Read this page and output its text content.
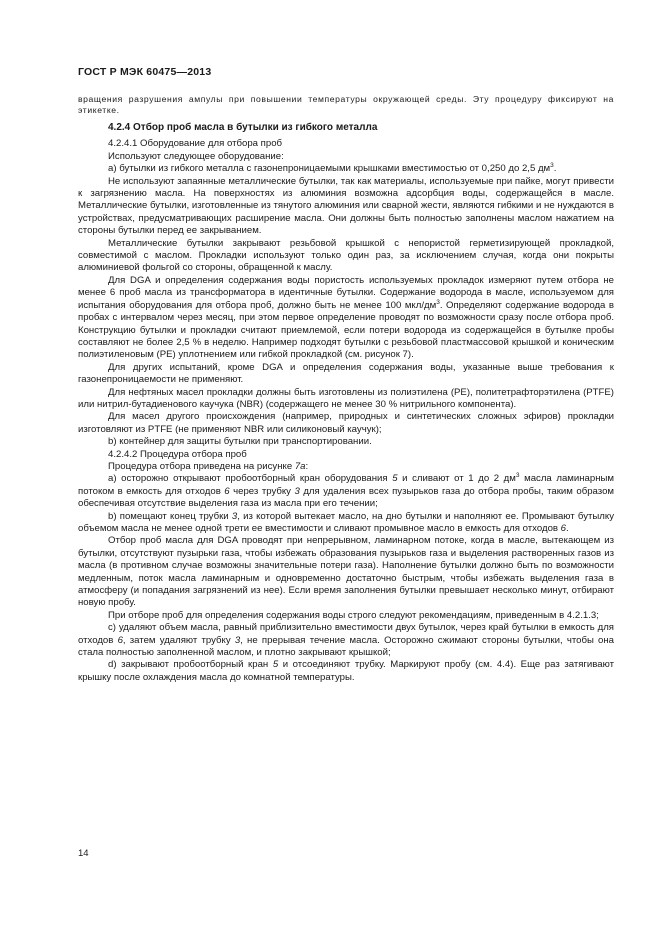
ГОСТ Р МЭК 60475—2013

вращения разрушения ампулы при повышении температуры окружающей среды. Эту процедуру фиксируют на этикетке.

4.2.4 Отбор проб масла в бутылки из гибкого металла

4.2.4.1 Оборудование для отбора проб

Используют следующее оборудование:

а) бутылки из гибкого металла с газонепроницаемыми крышками вместимостью от 0,250 до 2,5 $дм^3$.

Не используют запаянные металлические бутылки, так как материалы, используемые при пайке, могут привести к загрязнению масла. На поверхностях из алюминия возможна адсорбция воды, содержащейся в масле. Металлические бутылки, изготовленные из тянутого алюминия или сварной жести, являются гибкими и не нуждаются в устройствах, предусматривающих расширение масла. Они должны быть полностью заполнены маслом нажатием на стороны бутылки перед ее закрыванием.

Металлические бутылки закрывают резьбовой крышкой с непористой герметизирующей прокладкой, совместимой с маслом. Прокладки используют только один раз, за исключением случая, когда они покрыты алюминиевой фольгой со стороны, обращенной к маслу.

Для DGA и определения содержания воды пористость используемых прокладок измеряют путем отбора не менее 6 проб масла из трансформатора в идентичные бутылки. Содержание водорода в масле, используемом для испытания оборудования для отбора проб, должно быть не менее 100 мкл/$дм^3$. Определяют содержание водорода в пробах с интервалом через месяц, при этом первое определение проводят по возможности сразу после отбора проб. Конструкцию бутылки и прокладки считают приемлемой, если потери водорода из содержащейся в бутылке пробы составляют не более 2,5 % в неделю. Например подходят бутылки с резьбовой пластмассовой крышкой и коническим полиэтиленовым (РЕ) уплотнением или гибкой прокладкой (см. рисунок 7).

Для других испытаний, кроме DGA и определения содержания воды, указанные выше требования к газонепроницаемости не применяют.

Для нефтяных масел прокладки должны быть изготовлены из полиэтилена (РЕ), политетрафторэтилена (PTFE) или нитрил-бутадиенового каучука (NBR) (содержащего не менее 30 % нитрильного компонента).

Для масел другого происхождения (например, природных и синтетических сложных эфиров) прокладки изготовляют из PTFE (не применяют NBR или силиконовый каучук);

b) контейнер для защиты бутылки при транспортировании.

4.2.4.2 Процедура отбора проб

Процедура отбора приведена на рисунке 7а:

а) осторожно открывают пробоотборный кран оборудования 5 и сливают от 1 до 2 $дм^3$ масла ламинарным потоком в емкость для отходов 6 через трубку 3 для удаления всех пузырьков газа до отбора пробы, таким образом обеспечивая отсутствие выделения газа из масла при его течении;

b) помещают конец трубки 3, из которой вытекает масло, на дно бутылки и наполняют ее. Промывают бутылку объемом масла не менее одной трети ее вместимости и сливают промывное масло в емкость для отходов 6.

Отбор проб масла для DGA проводят при непрерывном, ламинарном потоке, когда в масле, вытекающем из бутылки, отсутствуют пузырьки газа, чтобы избежать образования пузырьков газа и выделения растворенных газов из масла (в противном случае возможны значительные потери газа). Наполнение бутылки должно быть по возможности медленным, поток масла ламинарным и одновременно достаточно быстрым, чтобы избежать выделения газа в атмосферу (и попадания загрязнений из нее). Если время заполнения бутылки превышает несколько минут, отбирают новую пробу.

При отборе проб для определения содержания воды строго следуют рекомендациям, приведенным в 4.2.1.3;

с) удаляют объем масла, равный приблизительно вместимости двух бутылок, через край бутылки в емкость для отходов 6, затем удаляют трубку 3, не прерывая течение масла. Осторожно сжимают стороны бутылки, чтобы она стала полностью заполненной маслом, и плотно закрывают крышкой;

d) закрывают пробоотборный кран 5 и отсоединяют трубку. Маркируют пробу (см. 4.4). Еще раз затягивают крышку после охлаждения масла до комнатной температуры.

14
